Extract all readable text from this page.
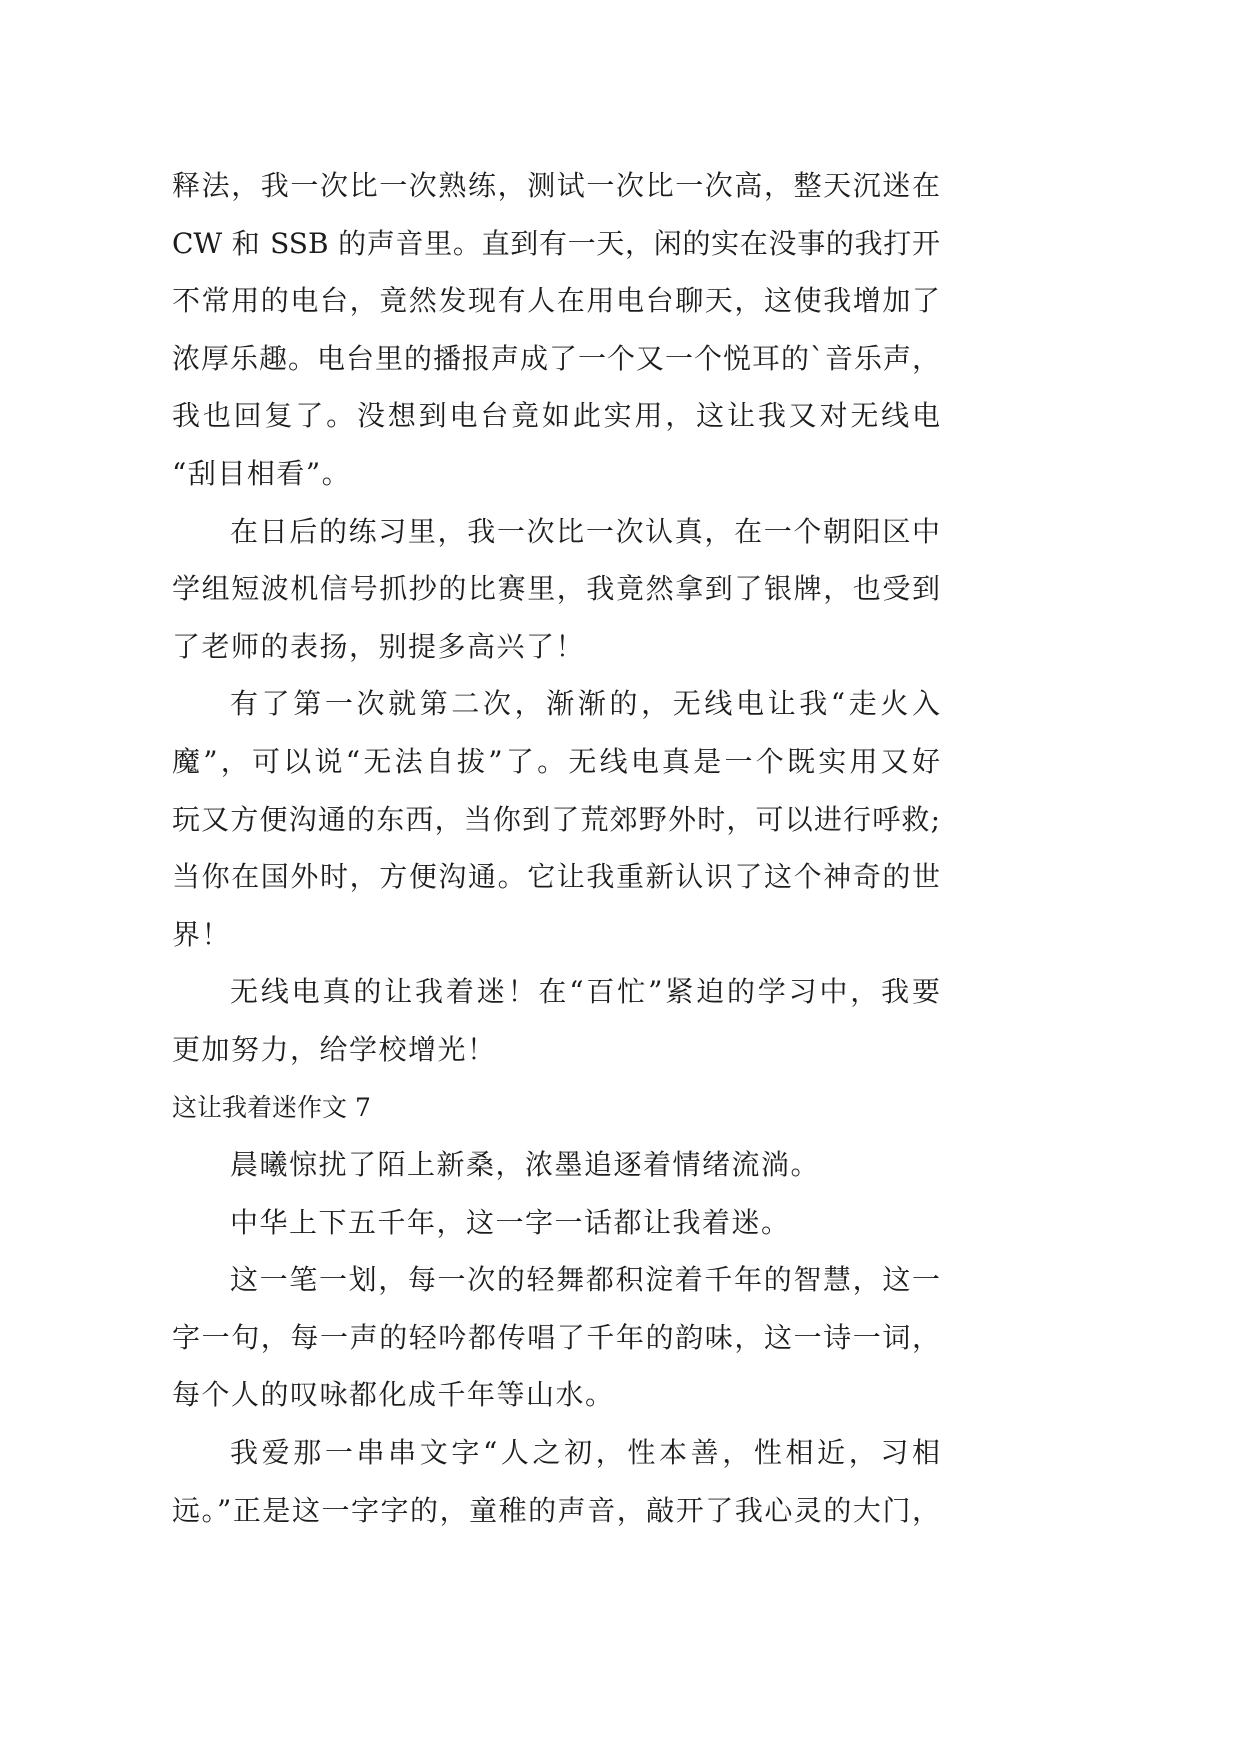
释法，我一次比一次熟练，测试一次比一次高，整天沉迷在
CW 和 SSB 的声音里。直到有一天，闲的实在没事的我打开
不常用的电台，竟然发现有人在用电台聊天，这使我增加了
浓厚乐趣。电台里的播报声成了一个又一个悦耳的`音乐声，
我也回复了。没想到电台竟如此实用，这让我又对无线电
“刮目相看”。
在日后的练习里，我一次比一次认真，在一个朝阳区中
学组短波机信号抓抄的比赛里，我竟然拿到了银牌，也受到
了老师的表扬，别提多高兴了！
有了第一次就第二次，渐渐的，无线电让我“走火入
魔”，可以说“无法自拔”了。无线电真是一个既实用又好
玩又方便沟通的东西，当你到了荒郊野外时，可以进行呼救;
当你在国外时，方便沟通。它让我重新认识了这个神奇的世
界！
无线电真的让我着迷！在“百忙”紧迫的学习中，我要
更加努力，给学校增光！
这让我着迷作文 7
晨曦惊扰了陌上新桑，浓墨追逐着情绪流淌。
中华上下五千年，这一字一话都让我着迷。
这一笔一划，每一次的轻舞都积淀着千年的智慧，这一
字一句，每一声的轻吟都传唱了千年的韵味，这一诗一词，
每个人的叹咏都化成千年等山水。
我爱那一串串文字“人之初，性本善，性相近，习相
远。”正是这一字字的，童稚的声音，敲开了我心灵的大门，
